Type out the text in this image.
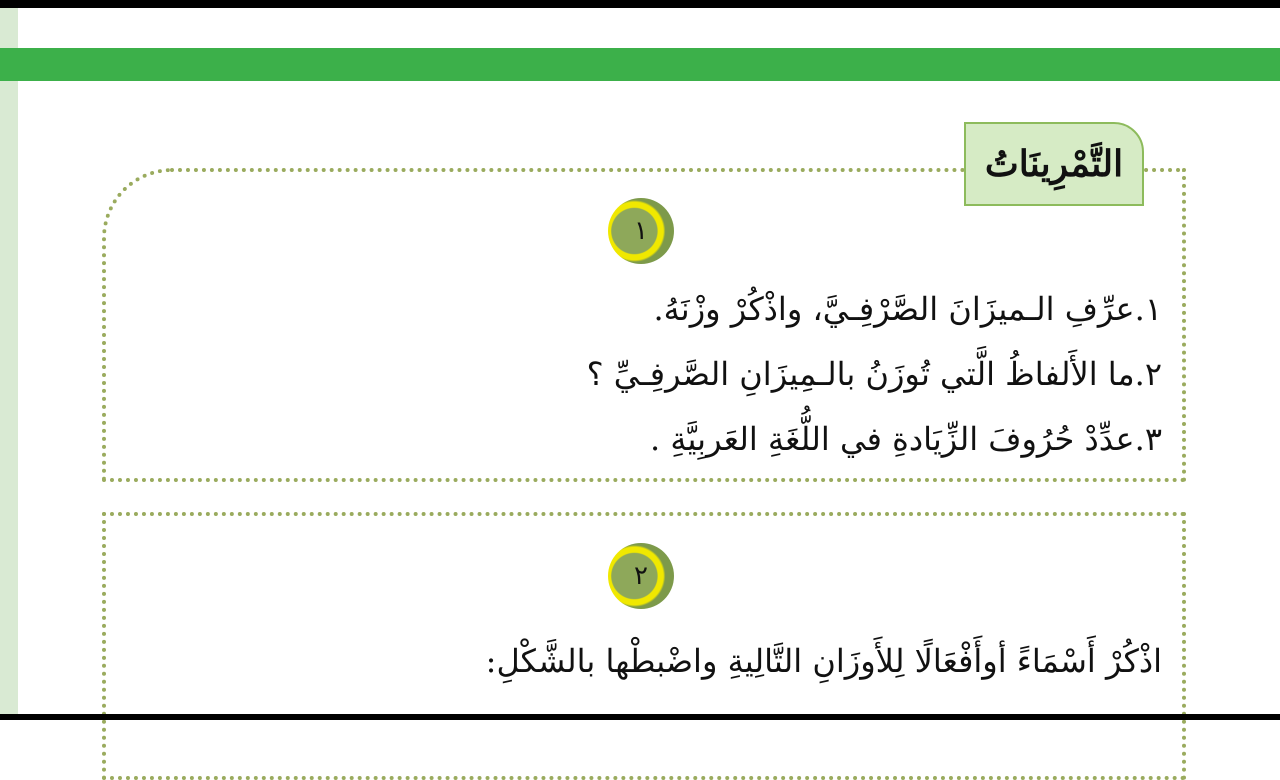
التَّمْرِينَاتُ
١
١.عرِّفِ الـميزَانَ الصَّرْفِـيَّ، واذْكُرْ وزْنَهُ.
٢.ما الأَلفاظُ الَّتي تُوزَنُ بالـمِيزَانِ الصَّرفِـيِّ ؟
٣.عدِّدْ حُرُوفَ الزِّيَادةِ في اللُّغَةِ العَربِيَّةِ .
٢
اذْكُرْ أَسْمَاءً أوأَفْعَالًا لِلأَوزَانِ التَّالِيةِ واضْبطْها بالشَّكْلِ:
